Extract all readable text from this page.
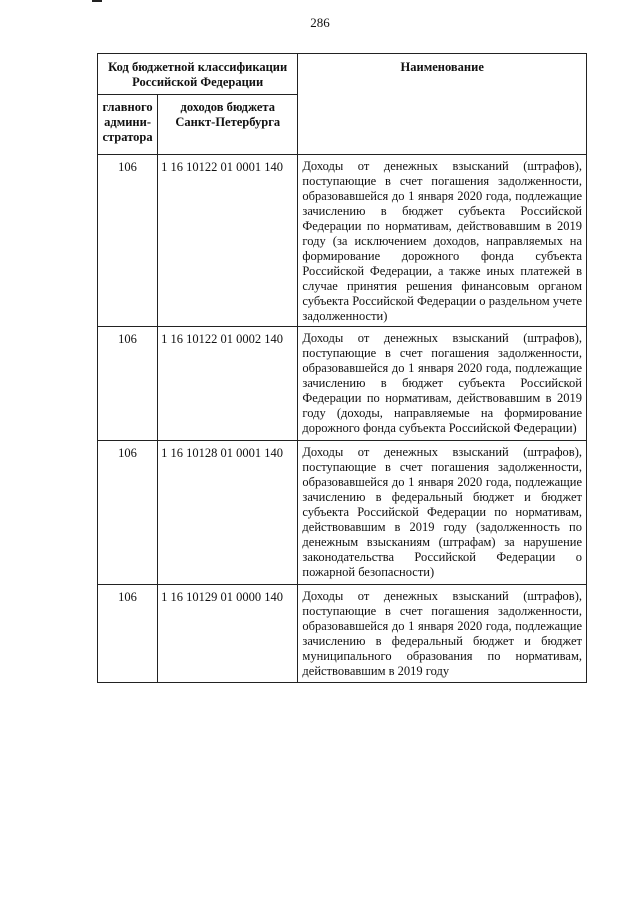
286
Код бюджетной классификации Российской Федерации		Наименование
главного админи-стратора	доходов бюджета Санкт-Петербурга	
106	1 16 10122 01 0001 140	Доходы от денежных взысканий (штрафов), поступающие в счет погашения задолженности, образовавшейся до 1 января 2020 года, подлежащие зачислению в бюджет субъекта Российской Федерации по нормативам, действовавшим в 2019 году (за исключением доходов, направляемых на формирование дорожного фонда субъекта Российской Федерации, а также иных платежей в случае принятия решения финансовым органом субъекта Российской Федерации о раздельном учете задолженности)
106	1 16 10122 01 0002 140	Доходы от денежных взысканий (штрафов), поступающие в счет погашения задолженности, образовавшейся до 1 января 2020 года, подлежащие зачислению в бюджет субъекта Российской Федерации по нормативам, действовавшим в 2019 году (доходы, направляемые на формирование дорожного фонда субъекта Российской Федерации)
106	1 16 10128 01 0001 140	Доходы от денежных взысканий (штрафов), поступающие в счет погашения задолженности, образовавшейся до 1 января 2020 года, подлежащие зачислению в федеральный бюджет и бюджет субъекта Российской Федерации по нормативам, действовавшим в 2019 году (задолженность по денежным взысканиям (штрафам) за нарушение законодательства Российской Федерации о пожарной безопасности)
106	1 16 10129 01 0000 140	Доходы от денежных взысканий (штрафов), поступающие в счет погашения задолженности, образовавшейся до 1 января 2020 года, подлежащие зачислению в федеральный бюджет и бюджет муниципального образования по нормативам, действовавшим в 2019 году
